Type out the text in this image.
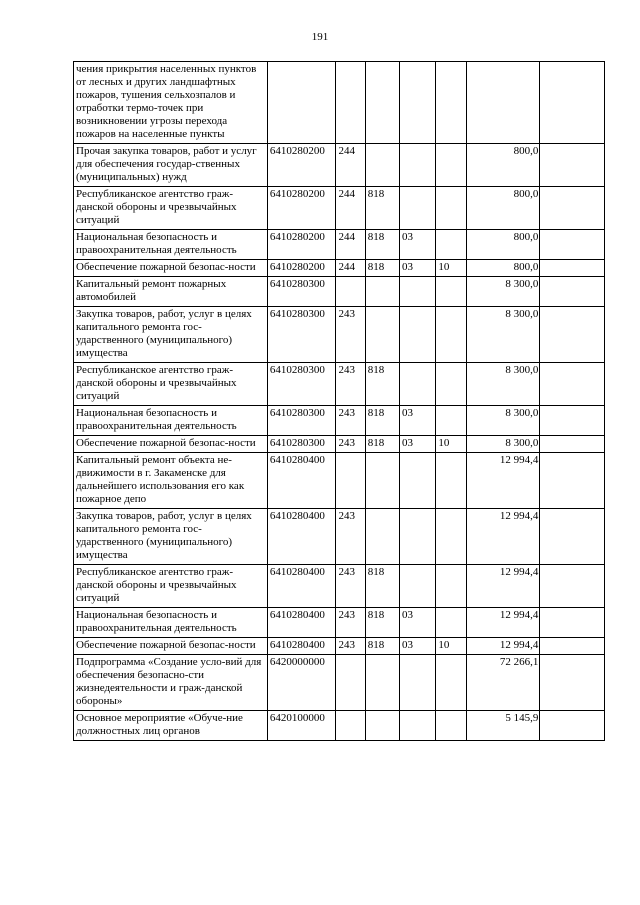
191
чения прикрытия населенных пунктов от лесных и других ландшафтных пожаров, тушения сельхозпалов и отработки термо-точек при возникновении угрозы перехода пожаров на населенные пункты							
Прочая закупка товаров, работ и услуг для обеспечения государ-ственных (муниципальных) нужд	6410280200	244				800,0	
Республиканское агентство граж-данской обороны и чрезвычайных ситуаций	6410280200	244	818			800,0	
Национальная безопасность и правоохранительная деятельность	6410280200	244	818	03		800,0	
Обеспечение пожарной безопас-ности	6410280200	244	818	03	10	800,0	
Капитальный ремонт пожарных автомобилей	6410280300					8 300,0	
Закупка товаров, работ, услуг в целях капитального ремонта гос-ударственного (муниципального) имущества	6410280300	243				8 300,0	
Республиканское агентство граж-данской обороны и чрезвычайных ситуаций	6410280300	243	818			8 300,0	
Национальная безопасность и правоохранительная деятельность	6410280300	243	818	03		8 300,0	
Обеспечение пожарной безопас-ности	6410280300	243	818	03	10	8 300,0	
Капитальный ремонт объекта не-движимости в г. Закаменске для дальнейшего использования его как пожарное депо	6410280400					12 994,4	
Закупка товаров, работ, услуг в целях капитального ремонта гос-ударственного (муниципального) имущества	6410280400	243				12 994,4	
Республиканское агентство граж-данской обороны и чрезвычайных ситуаций	6410280400	243	818			12 994,4	
Национальная безопасность и правоохранительная деятельность	6410280400	243	818	03		12 994,4	
Обеспечение пожарной безопас-ности	6410280400	243	818	03	10	12 994,4	
Подпрограмма «Создание усло-вий для обеспечения безопасно-сти жизнедеятельности и граж-данской обороны»	6420000000					72 266,1	
Основное мероприятие «Обуче-ние должностных лиц органов	6420100000					5 145,9	
